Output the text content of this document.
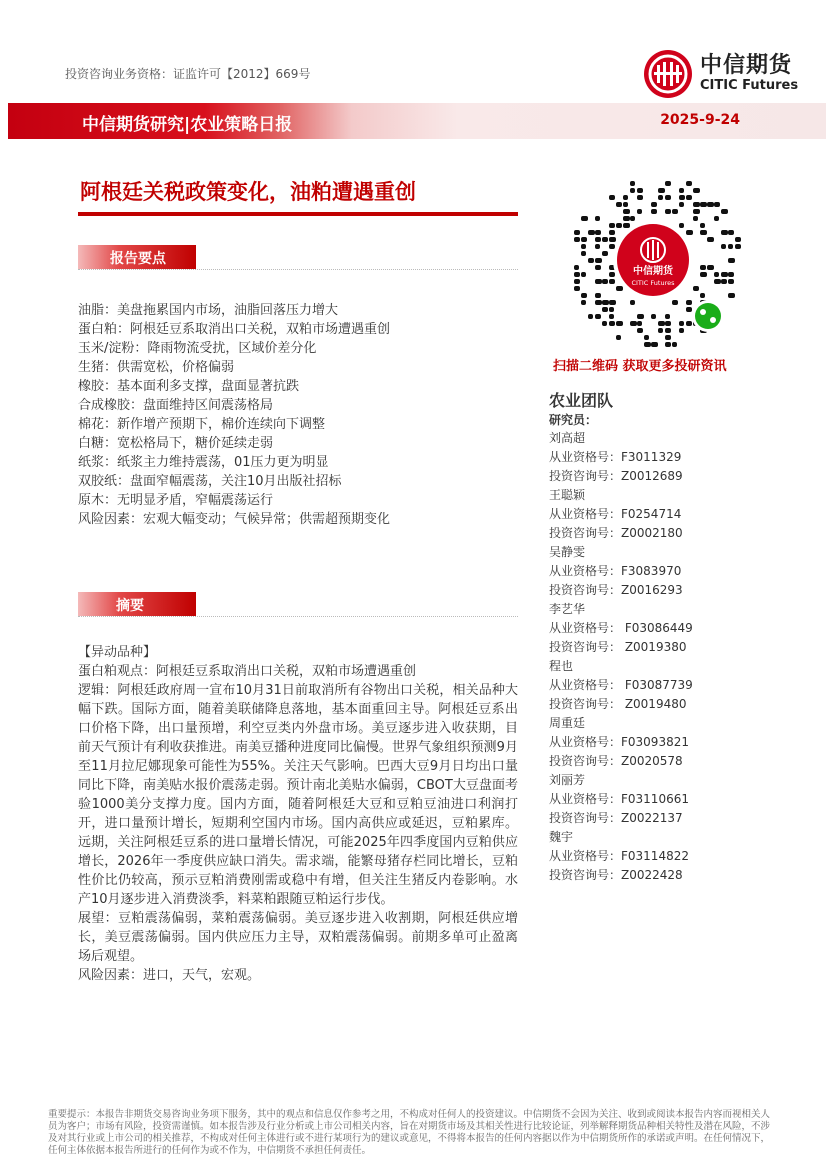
投资咨询业务资格：证监许可【2012】669号	中信期货
CITIC Futures
中信期货研究|农业策略日报	2025-9-24
阿根廷关税政策变化，油粕遭遇重创
报告要点
油脂：美盘拖累国内市场，油脂回落压力增大
蛋白粕：阿根廷豆系取消出口关税，双粕市场遭遇重创
玉米/淀粉：降雨物流受扰，区域价差分化
生猪：供需宽松，价格偏弱
橡胶：基本面利多支撑，盘面显著抗跌
合成橡胶：盘面维持区间震荡格局
棉花：新作增产预期下，棉价连续向下调整
白糖：宽松格局下，糖价延续走弱
纸浆：纸浆主力维持震荡，01压力更为明显
双胶纸：盘面窄幅震荡，关注10月出版社招标
原木：无明显矛盾，窄幅震荡运行
风险因素：宏观大幅变动；气候异常；供需超预期变化
摘要

【异动品种】

蛋白粕观点：阿根廷豆系取消出口关税，双粕市场遭遇重创

逻辑：阿根廷政府周一宣布10月31日前取消所有谷物出口关税，相关品种大幅下跌。国际方面，随着美联储降息落地，基本面重回主导。阿根廷豆系出口价格下降，出口量预增，利空豆类内外盘市场。美豆逐步进入收获期，目前天气预计有利收获推进。南美豆播种进度同比偏慢。世界气象组织预测9月至11月拉尼娜现象可能性为55%。关注天气影响。巴西大豆9月日均出口量同比下降，南美贴水报价震荡走弱。预计南北美贴水偏弱，CBOT大豆盘面考验1000美分支撑力度。国内方面，随着阿根廷大豆和豆粕豆油进口利润打开，进口量预计增长，短期利空国内市场。国内高供应或延迟，豆粕累库。远期，关注阿根廷豆系的进口量增长情况，可能2025年四季度国内豆粕供应增长，2026年一季度供应缺口消失。需求端，能繁母猪存栏同比增长，豆粕性价比仍较高，预示豆粕消费刚需或稳中有增，但关注生猪反内卷影响。水产10月逐步进入消费淡季，料菜粕跟随豆粕运行步伐。

展望：豆粕震荡偏弱，菜粕震荡偏弱。美豆逐步进入收割期，阿根廷供应增长，美豆震荡偏弱。国内供应压力主导，双粕震荡偏弱。前期多单可止盈离场后观望。

风险因素：进口，天气，宏观。

中信期货
CITIC Futures
扫描二维码 获取更多投研资讯
农业团队
研究员：
刘高超
从业资格号：F3011329
投资咨询号：Z0012689
王聪颖
从业资格号：F0254714
投资咨询号：Z0002180
吴静雯
从业资格号：F3083970
投资咨询号：Z0016293
李艺华
从业资格号： F03086449
投资咨询号： Z0019380
程也
从业资格号： F03087739
投资咨询号： Z0019480
周重廷
从业资格号：F03093821
投资咨询号：Z0020578
刘丽芳
从业资格号：F03110661
投资咨询号：Z0022137
魏宇
从业资格号：F03114822
投资咨询号：Z0022428
重要提示：本报告非期货交易咨询业务项下服务，其中的观点和信息仅作参考之用，不构成对任何人的投资建议。中信期货不会因为关注、收到或阅读本报告内容而视相关人员为客户；市场有风险，投资需谨慎。如本报告涉及行业分析或上市公司相关内容，旨在对期货市场及其相关性进行比较论证，列举解释期货品种相关特性及潜在风险，不涉及对其行业或上市公司的相关推荐，不构成对任何主体进行或不进行某项行为的建议或意见，不得将本报告的任何内容据以作为中信期货所作的承诺或声明。在任何情况下，任何主体依据本报告所进行的任何作为或不作为，中信期货不承担任何责任。
